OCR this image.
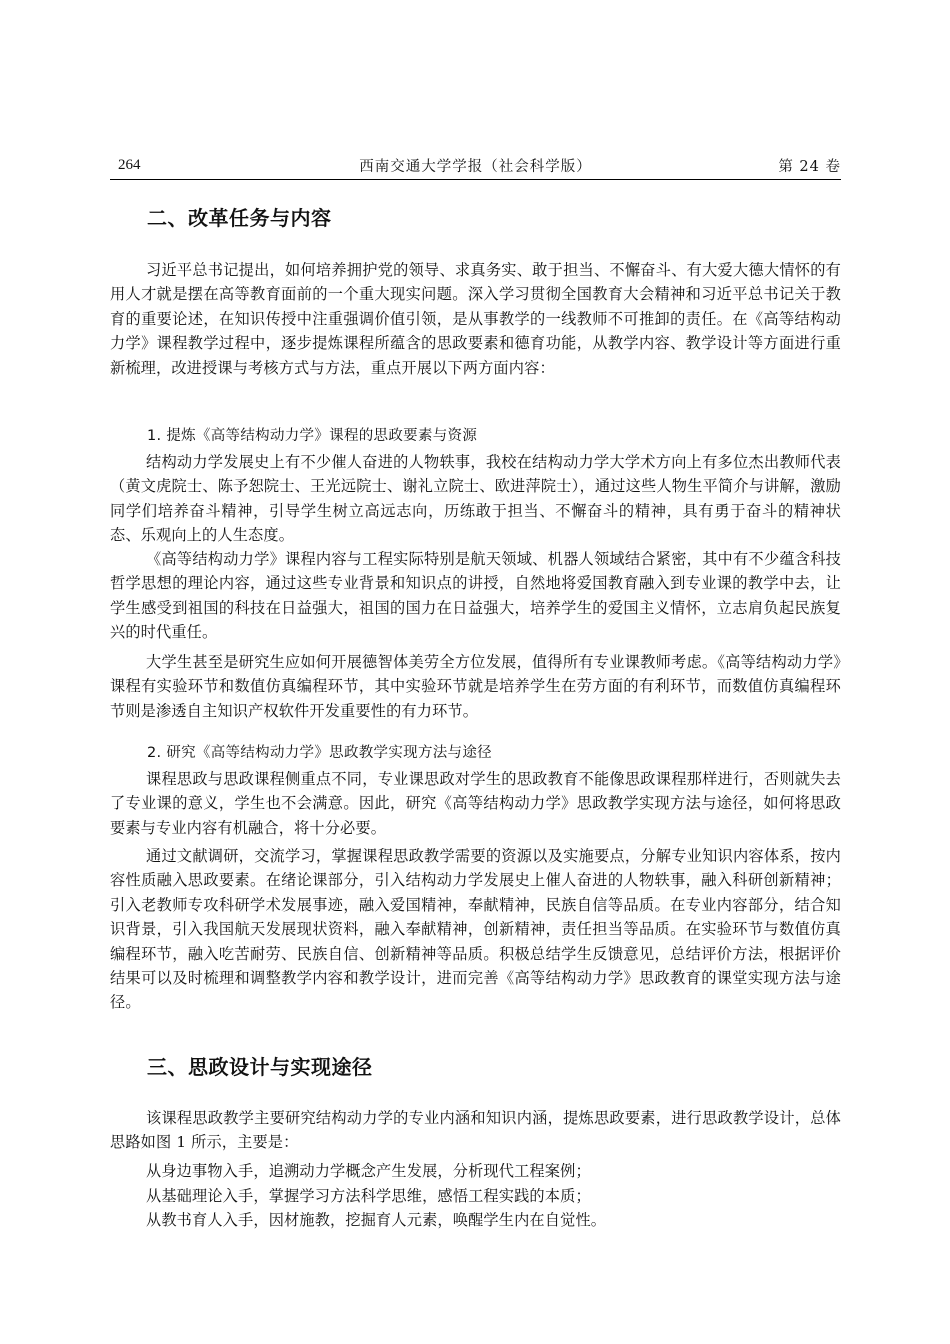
264	西南交通大学学报（社会科学版）	第 24 卷
二、改革任务与内容

习近平总书记提出，如何培养拥护党的领导、求真务实、敢于担当、不懈奋斗、有大爱大德大情怀的有用人才就是摆在高等教育面前的一个重大现实问题。深入学习贯彻全国教育大会精神和习近平总书记关于教育的重要论述，在知识传授中注重强调价值引领，是从事教学的一线教师不可推卸的责任。在《高等结构动力学》课程教学过程中，逐步提炼课程所蕴含的思政要素和德育功能，从教学内容、教学设计等方面进行重新梳理，改进授课与考核方式与方法，重点开展以下两方面内容：

1. 提炼《高等结构动力学》课程的思政要素与资源

结构动力学发展史上有不少催人奋进的人物轶事，我校在结构动力学大学术方向上有多位杰出教师代表（黄文虎院士、陈予恕院士、王光远院士、谢礼立院士、欧进萍院士），通过这些人物生平简介与讲解，激励同学们培养奋斗精神，引导学生树立高远志向，历练敢于担当、不懈奋斗的精神，具有勇于奋斗的精神状态、乐观向上的人生态度。

《高等结构动力学》课程内容与工程实际特别是航天领域、机器人领域结合紧密，其中有不少蕴含科技哲学思想的理论内容，通过这些专业背景和知识点的讲授，自然地将爱国教育融入到专业课的教学中去，让学生感受到祖国的科技在日益强大，祖国的国力在日益强大，培养学生的爱国主义情怀，立志肩负起民族复兴的时代重任。

大学生甚至是研究生应如何开展德智体美劳全方位发展，值得所有专业课教师考虑。《高等结构动力学》课程有实验环节和数值仿真编程环节，其中实验环节就是培养学生在劳方面的有利环节，而数值仿真编程环节则是渗透自主知识产权软件开发重要性的有力环节。

2. 研究《高等结构动力学》思政教学实现方法与途径

课程思政与思政课程侧重点不同，专业课思政对学生的思政教育不能像思政课程那样进行，否则就失去了专业课的意义，学生也不会满意。因此，研究《高等结构动力学》思政教学实现方法与途径，如何将思政要素与专业内容有机融合，将十分必要。

通过文献调研，交流学习，掌握课程思政教学需要的资源以及实施要点，分解专业知识内容体系，按内容性质融入思政要素。在绪论课部分，引入结构动力学发展史上催人奋进的人物轶事，融入科研创新精神；引入老教师专攻科研学术发展事迹，融入爱国精神，奉献精神，民族自信等品质。在专业内容部分，结合知识背景，引入我国航天发展现状资料，融入奉献精神，创新精神，责任担当等品质。在实验环节与数值仿真编程环节，融入吃苦耐劳、民族自信、创新精神等品质。积极总结学生反馈意见，总结评价方法，根据评价结果可以及时梳理和调整教学内容和教学设计，进而完善《高等结构动力学》思政教育的课堂实现方法与途径。

三、思政设计与实现途径

该课程思政教学主要研究结构动力学的专业内涵和知识内涵，提炼思政要素，进行思政教学设计，总体思路如图 1 所示，主要是：

从身边事物入手，追溯动力学概念产生发展，分析现代工程案例；
从基础理论入手，掌握学习方法科学思维，感悟工程实践的本质；
从教书育人入手，因材施教，挖掘育人元素，唤醒学生内在自觉性。
